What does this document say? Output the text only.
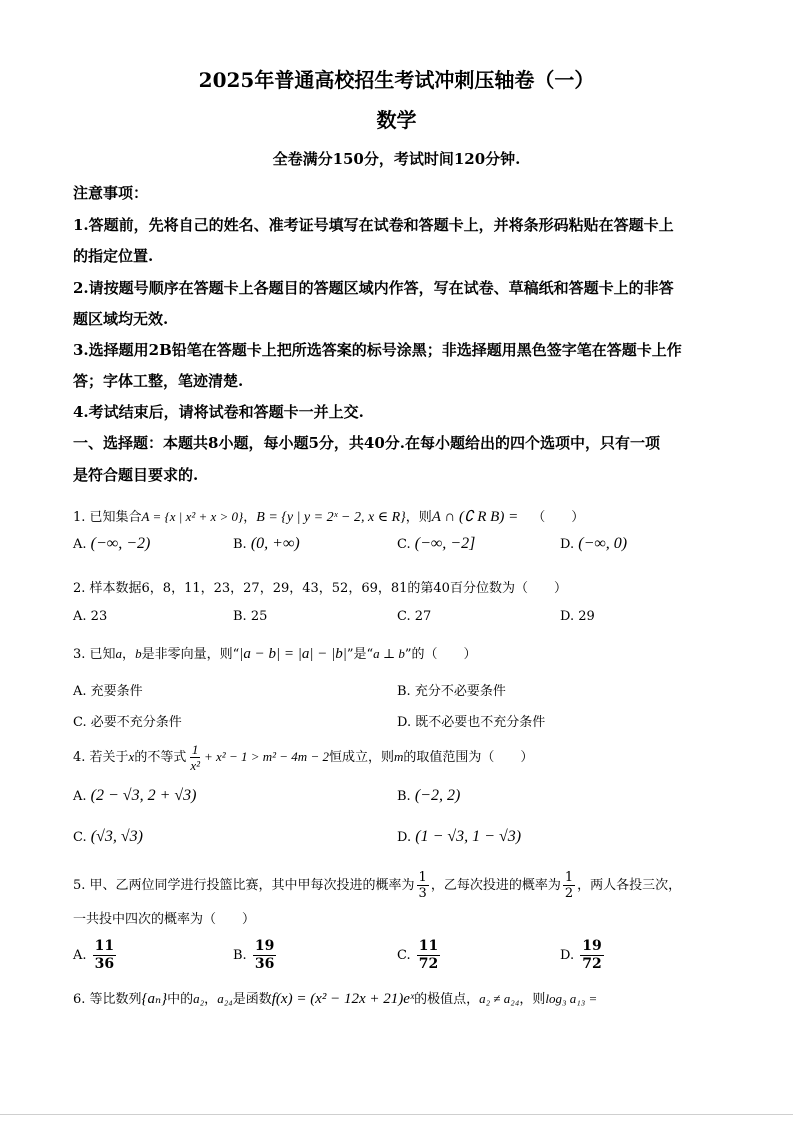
2025年普通高校招生考试冲刺压轴卷（一）
数学
全卷满分150分，考试时间120分钟.
注意事项：
1.答题前，先将自己的姓名、准考证号填写在试卷和答题卡上，并将条形码粘贴在答题卡上
的指定位置.
2.请按题号顺序在答题卡上各题目的答题区域内作答，写在试卷、草稿纸和答题卡上的非答
题区域均无效.
3.选择题用2B铅笔在答题卡上把所选答案的标号涂黑；非选择题用黑色签字笔在答题卡上作
答；字体工整，笔迹清楚.
4.考试结束后，请将试卷和答题卡一并上交.
一、选择题：本题共8小题，每小题5分，共40分.在每小题给出的四个选项中，只有一项
是符合题目要求的.
1. 已知集合A = {x | x² + x > 0}，B = {y | y = 2ˣ − 2, x ∈ R}，则A ∩ (∁ R B) = （　　）
A. (−∞, −2)	B. (0, +∞)	C. (−∞, −2]	D. (−∞, 0)
2. 样本数据6，8，11，23，27，29，43，52，69，81的第40百分位数为（　　）
A. 23	B. 25	C. 27	D. 29
3. 已知a，b是非零向量，则“|a − b| = |a| − |b|”是“a ⊥ b”的（　　）
A. 充要条件	B. 充分不必要条件
C. 必要不充分条件	D. 既不必要也不充分条件
4. 若关于x的不等式 $\frac{1}{\text{x²}} + x^2 - 1 > m^2 - 4m - 2$恒成立，则m的取值范围为（　　）
A. (2 − √3, 2 + √3)	B. (−2, 2)
C. (√3, √3)	D. (1 − √3, 1 − √3)
5. 甲、乙两位同学进行投篮比赛，其中甲每次投进的概率为 $\frac{1}{3}$ ，乙每次投进的概率为 $\frac{1}{2}$ ，两人各投三次，
一共投中四次的概率为（　　）
A. $\frac{11}{36}$	B. $\frac{19}{36}$	C. $\frac{11}{72}$	D. $\frac{19}{72}$
6. 等比数列{aₙ}中的a₂，a₂₄是函数f(x) = (x² − 12x + 21)eˣ的极值点，a₂ ≠ a₂₄，则log₃ a₁₃ =
